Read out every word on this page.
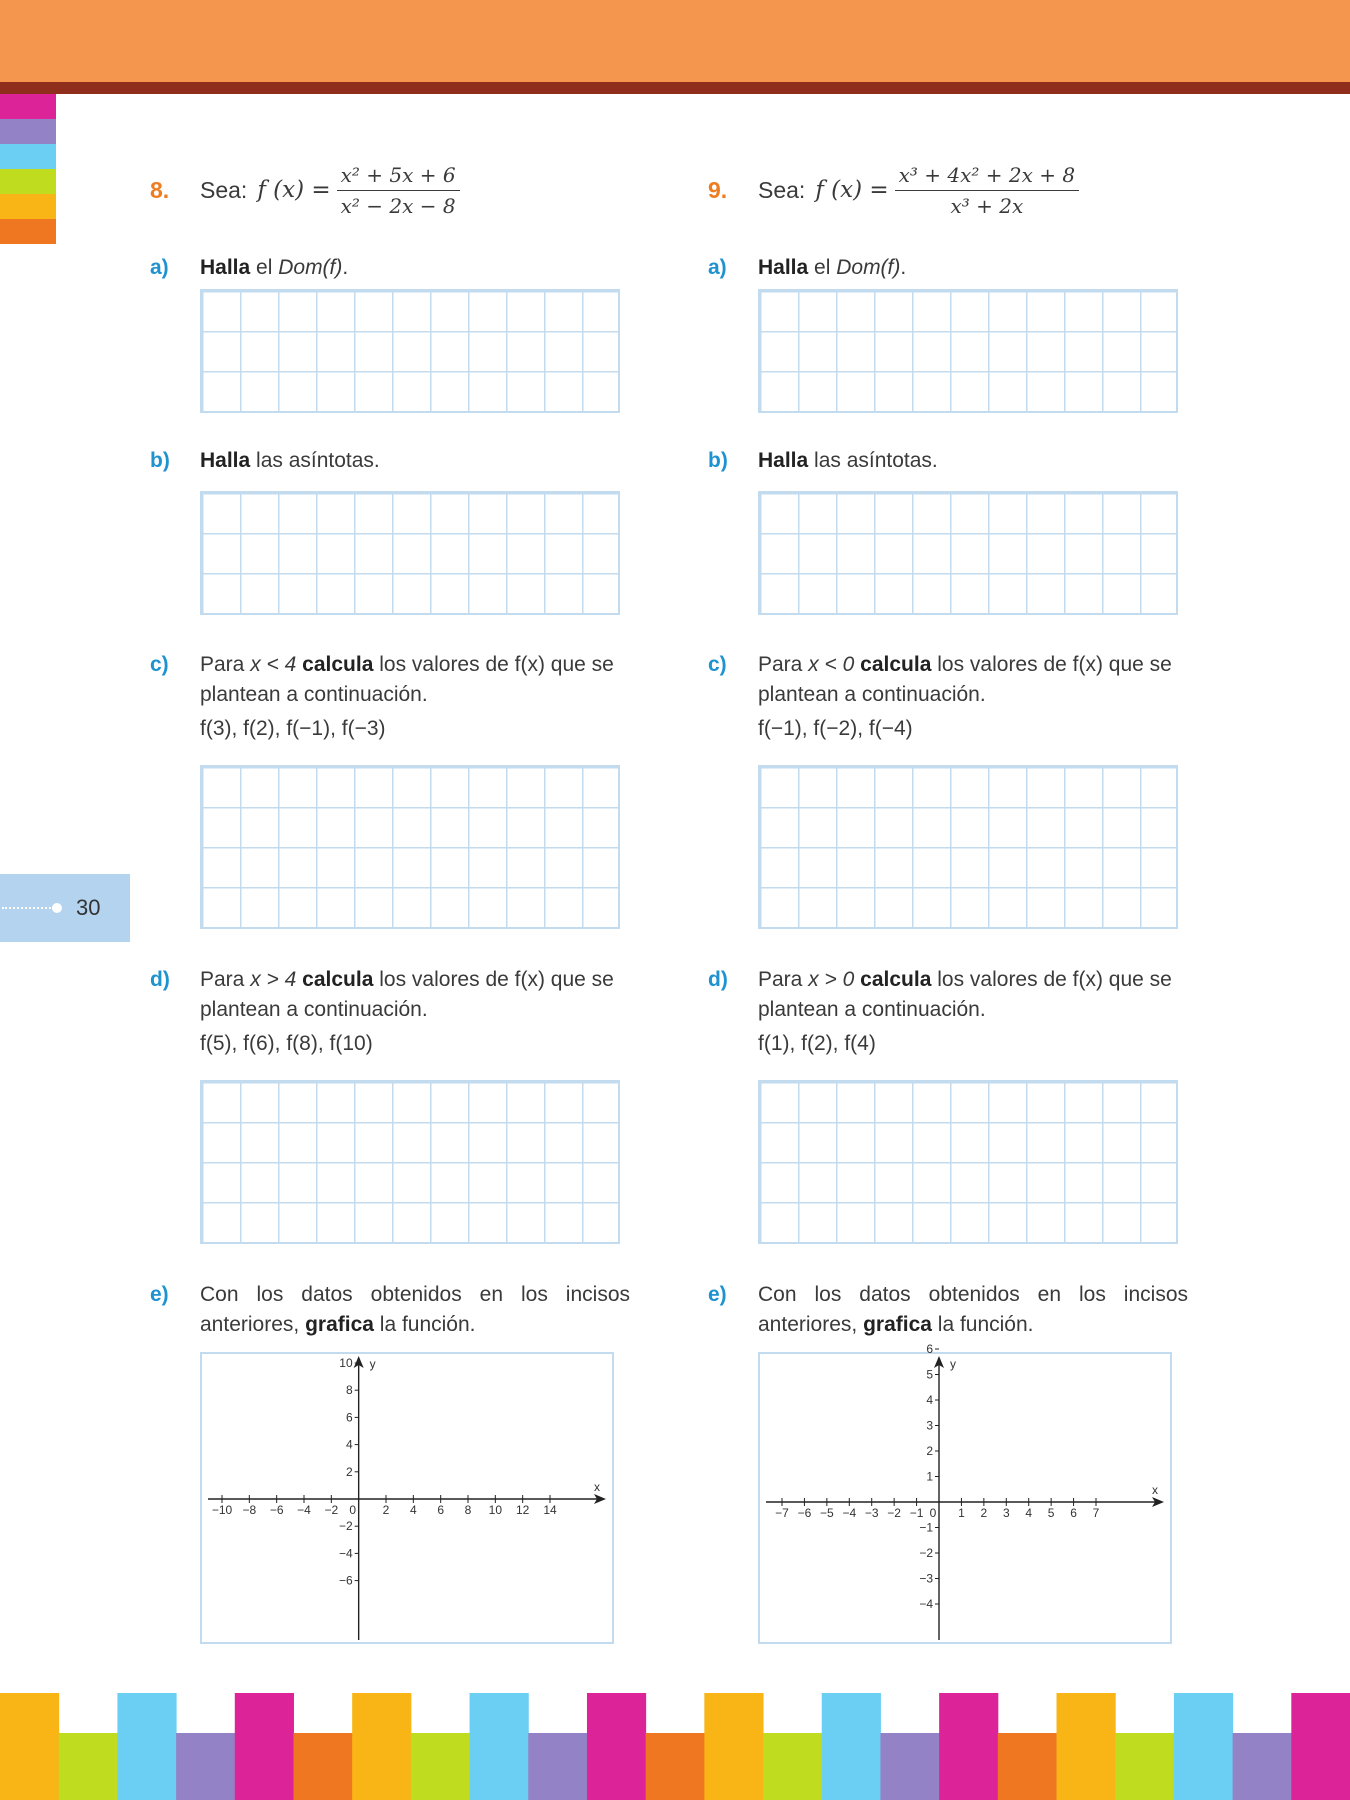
30
8.	Sea: f $(x) = \frac{\text{x² + 5x + 6}}{\text{x² − 2x − 8}}$
a) Halla el Dom(f).
b) Halla las asíntotas.
c) Para x < 4 calcula los valores de f(x) que se plantean a continuación.
f(3), f(2), f(−1), f(−3)
d) Para x > 4 calcula los valores de f(x) que se plantean a continuación.
f(5), f(6), f(8), f(10)
e) Con los datos obtenidos en los incisos anteriores, grafica la función.
x
y
−10 −8 −6 −4 −2 0 2 4 6 8 10 12 14
10
8
6
4
2
−2
−4
−6
9.	Sea: f $(x) = \frac{\text{x³ + 4x² + 2x + 8}}{\text{x³ + 2x}}$
a) Halla el Dom(f).
b) Halla las asíntotas.
c) Para x < 0 calcula los valores de f(x) que se plantean a continuación.
f(−1), f(−2), f(−4)
d) Para x > 0 calcula los valores de f(x) que se plantean a continuación.
f(1), f(2), f(4)
e) Con los datos obtenidos en los incisos anteriores, grafica la función.
x
y
−7 −6 −5 −4 −3 −2 −1 0 1 2 3 4 5 6 7
6
5
4
3
2
1
−1
−2
−3
−4
